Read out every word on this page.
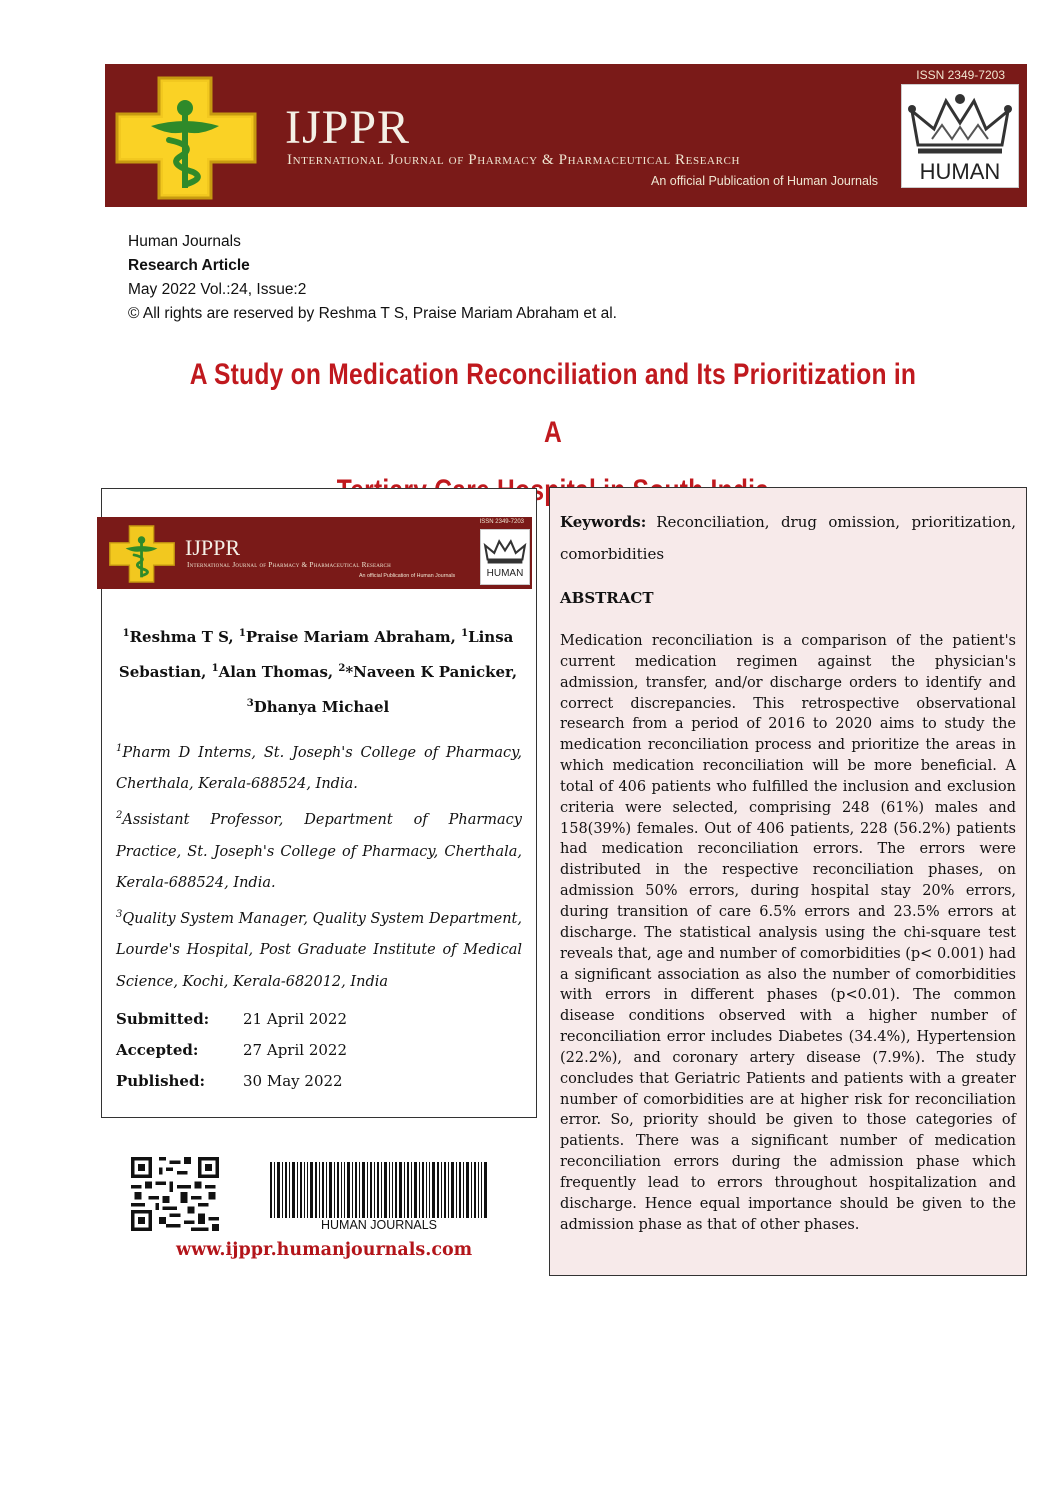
ISSN 2349-7203
IJPPR
International Journal of Pharmacy & Pharmaceutical Research
An official Publication of Human Journals	HUMAN
Human Journals
Research Article
May 2022 Vol.:24, Issue:2
© All rights are reserved by Reshma T S, Praise Mariam Abraham et al.
A Study on Medication Reconciliation and Its Prioritization in A
Hospital
ISSN 2349-7203
IJPPR
International Journal of Pharmacy & Pharmaceutical Research
An official Publication of Human Journals	HUMAN
$^1$Reshma T S, $^1$Praise Mariam Abraham, $^1$Linsa Sebastian, $^1$Alan Thomas, $^2$*Naveen K Panicker,
$^3$Dhanya Michael
$^1$Pharm D Interns, St. Joseph's College of Pharmacy, Cherthala, Kerala-688524, India.
$^2$Assistant Professor, Department of Pharmacy Practice, St. Joseph's College of Pharmacy, Cherthala, Kerala-688524, India.
$^3$Quality System Manager, Quality System Department, Lourde's Hospital, Post Graduate Institute of Medical Science, Kochi, Kerala-682012, India
Submitted:	21 April 2022
Accepted:	27 April 2022
Published:	30 May 2022
HUMAN JOURNALS
www.ijppr.humanjournals.com
Keywords: Reconciliation, drug omission, prioritization, comorbidities
ABSTRACT
Medication reconciliation is a comparison of the patient's current medication regimen against the physician's admission, transfer, and/or discharge orders to identify and correct discrepancies. This retrospective observational research from a period of 2016 to 2020 aims to study the medication reconciliation process and prioritize the areas in which medication reconciliation will be more beneficial. A total of 406 patients who fulfilled the inclusion and exclusion criteria were selected, comprising 248 (61%) males and 158(39%) females. Out of 406 patients, 228 (56.2%) patients had medication reconciliation errors. The errors were distributed in the respective reconciliation phases, on admission 50% errors, during hospital stay 20% errors, during transition of care 6.5% errors and 23.5% errors at discharge. The statistical analysis using the chi-square test reveals that, age and number of comorbidities (p< 0.001) had a significant association as also the number of comorbidities with errors in different phases (p<0.01). The common disease conditions observed with a higher number of reconciliation error includes Diabetes (34.4%), Hypertension (22.2%), and coronary artery disease (7.9%). The study concludes that Geriatric Patients and patients with a greater number of comorbidities are at higher risk for reconciliation error. So, priority should be given to those categories of patients. There was a significant number of medication reconciliation errors during the admission phase which frequently lead to errors throughout hospitalization and discharge. Hence equal importance should be given to the admission phase as that of other phases.
